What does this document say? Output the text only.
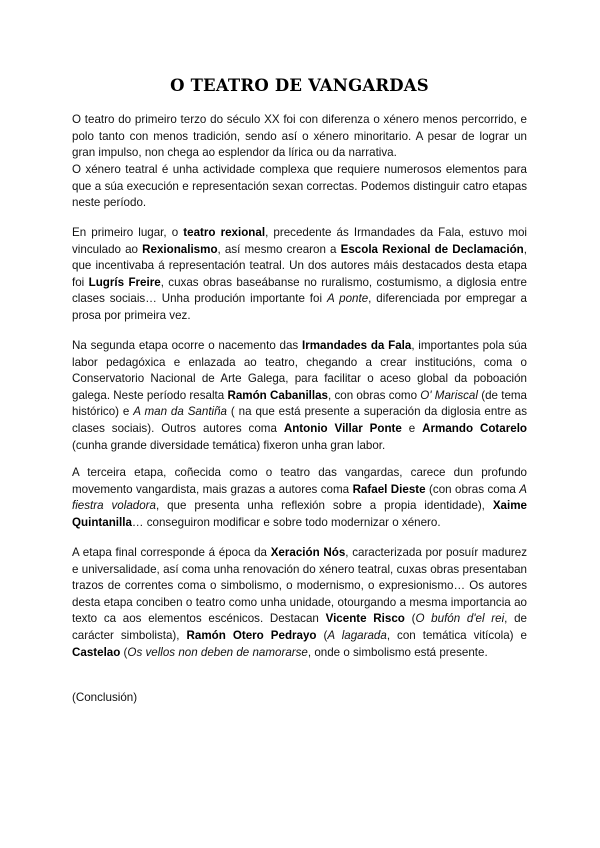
O TEATRO DE VANGARDAS

O teatro do primeiro terzo do século XX foi con diferenza o xénero menos percorrido, e polo tanto con menos tradición, sendo así o xénero minoritario. A pesar de lograr un gran impulso, non chega ao esplendor da lírica ou da narrativa.

O xénero teatral é unha actividade complexa que requiere numerosos elementos para que a súa execución e representación sexan correctas. Podemos distinguir catro etapas neste período.

En primeiro lugar, o teatro rexional, precedente ás Irmandades da Fala, estuvo moi vinculado ao Rexionalismo, así mesmo crearon a Escola Rexional de Declamación, que incentivaba á representación teatral. Un dos autores máis destacados desta etapa foi Lugrís Freire, cuxas obras baseábanse no ruralismo, costumismo, a diglosia entre clases sociais… Unha produción importante foi A ponte, diferenciada por empregar a prosa por primeira vez.

Na segunda etapa ocorre o nacemento das Irmandades da Fala, importantes pola súa labor pedagóxica e enlazada ao teatro, chegando a crear institucións, coma o Conservatorio Nacional de Arte Galega, para facilitar o aceso global da poboación galega. Neste período resalta Ramón Cabanillas, con obras como O' Mariscal (de tema histórico) e A man da Santiña ( na que está presente a superación da diglosia entre as clases sociais). Outros autores coma Antonio Villar Ponte e Armando Cotarelo (cunha grande diversidade temática) fixeron unha gran labor.

A terceira etapa, coñecida como o teatro das vangardas, carece dun profundo movemento vangardista, mais grazas a autores coma Rafael Dieste (con obras coma A fiestra voladora, que presenta unha reflexión sobre a propia identidade), Xaime Quintanilla… conseguiron modificar e sobre todo modernizar o xénero.

A etapa final corresponde á época da Xeración Nós, caracterizada por posuír madurez e universalidade, así coma unha renovación do xénero teatral, cuxas obras presentaban trazos de correntes coma o simbolismo, o modernismo, o expresionismo… Os autores desta etapa conciben o teatro como unha unidade, otourgando a mesma importancia ao texto ca aos elementos escénicos. Destacan Vicente Risco (O bufón d'el rei, de carácter simbolista), Ramón Otero Pedrayo (A lagarada, con temática vitícola) e Castelao (Os vellos non deben de namorarse, onde o simbolismo está presente.

(Conclusión)
